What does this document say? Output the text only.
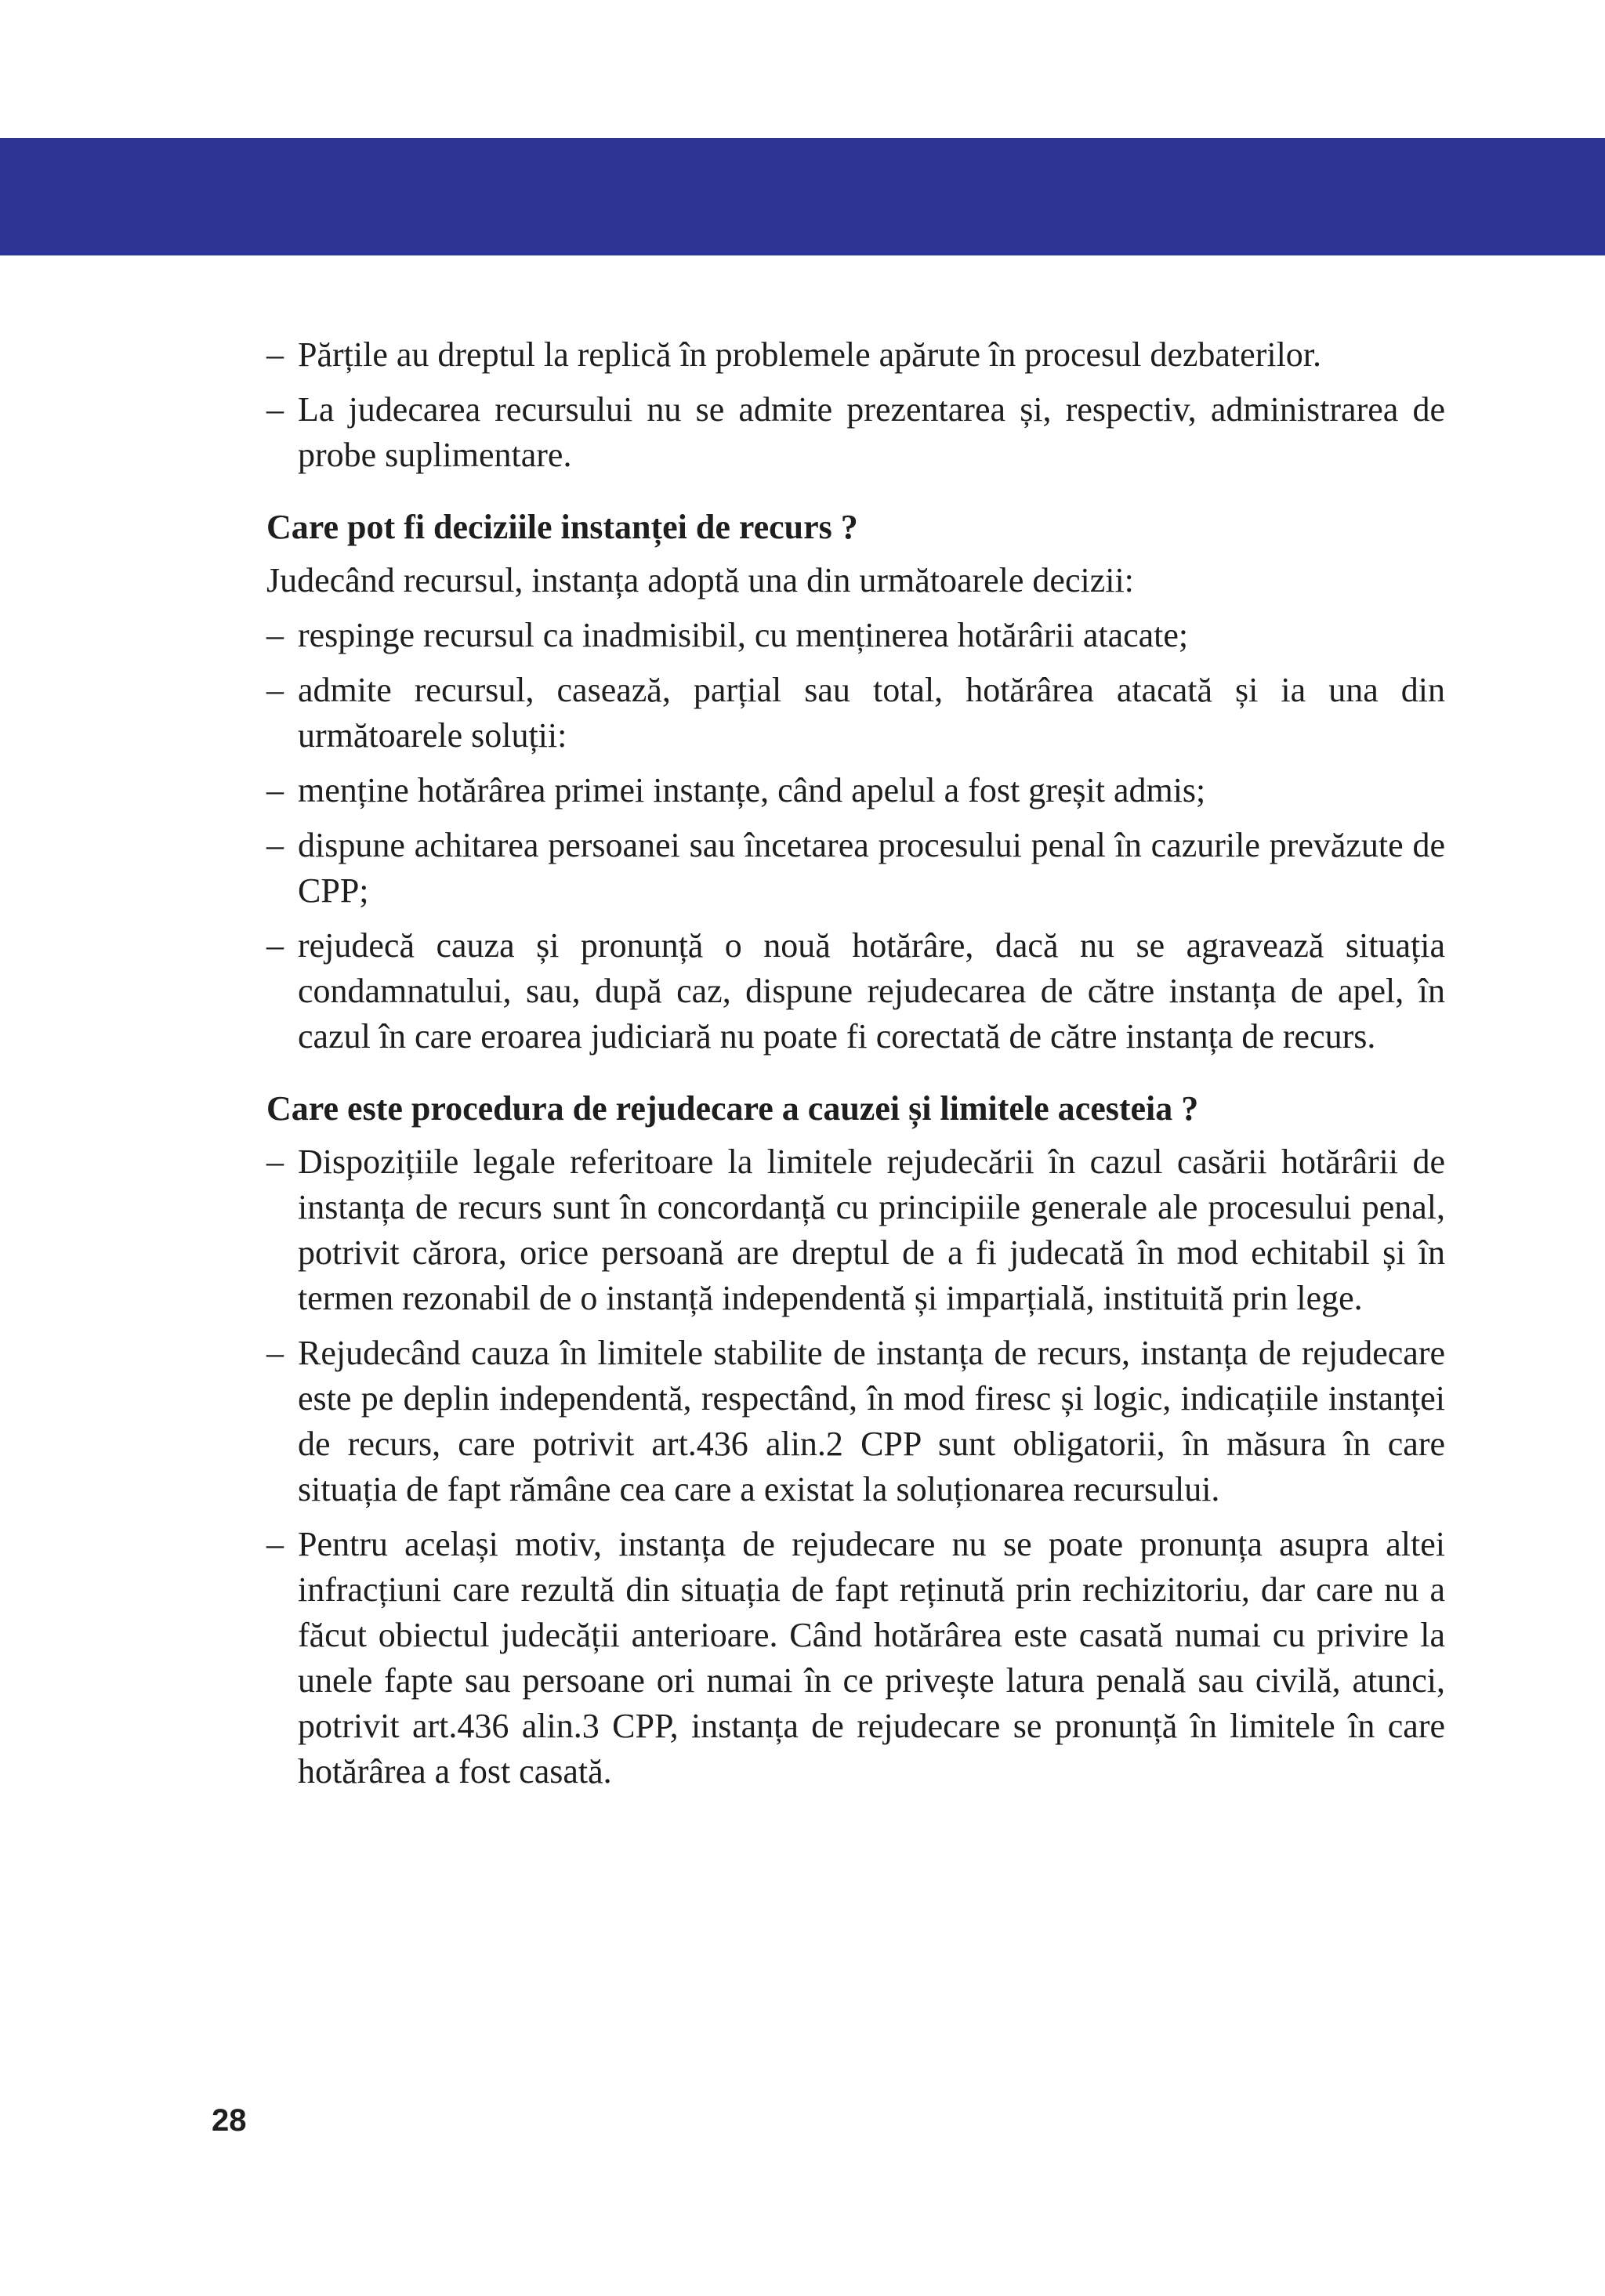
– Părțile au dreptul la replică în problemele apărute în procesul dezbaterilor.
– La judecarea recursului nu se admite prezentarea și, respectiv, administrarea de probe suplimentare.
Care pot fi deciziile instanței de recurs ?
Judecând recursul, instanța adoptă una din următoarele decizii:
– respinge recursul ca inadmisibil, cu menținerea hotărârii atacate;
– admite recursul, casează, parțial sau total, hotărârea atacată și ia una din următoarele soluții:
– menține hotărârea primei instanțe, când apelul a fost greșit admis;
– dispune achitarea persoanei sau încetarea procesului penal în cazurile prevăzute de CPP;
– rejudecă cauza și pronunță o nouă hotărâre, dacă nu se agravează situația condamnatului, sau, după caz, dispune rejudecarea de către instanța de apel, în cazul în care eroarea judiciară nu poate fi corectată de către instanța de recurs.
Care este procedura de rejudecare a cauzei și limitele acesteia ?
– Dispozițiile legale referitoare la limitele rejudecării în cazul casării hotărârii de instanța de recurs sunt în concordanță cu principiile generale ale procesului penal, potrivit cărora, orice persoană are dreptul de a fi judecată în mod echitabil și în termen rezonabil de o instanță independentă și imparțială, instituită prin lege.
– Rejudecând cauza în limitele stabilite de instanța de recurs, instanța de rejudecare este pe deplin independentă, respectând, în mod firesc și logic, indicațiile instanței de recurs, care potrivit art.436 alin.2 CPP sunt obligatorii, în măsura în care situația de fapt rămâne cea care a existat la soluționarea recursului.
– Pentru același motiv, instanța de rejudecare nu se poate pronunța asupra altei infracțiuni care rezultă din situația de fapt reținută prin rechizitoriu, dar care nu a făcut obiectul judecății anterioare. Când hotărârea este casată numai cu privire la unele fapte sau persoane ori numai în ce privește latura penală sau civilă, atunci, potrivit art.436 alin.3 CPP, instanța de rejudecare se pronunță în limitele în care hotărârea a fost casată.
28
